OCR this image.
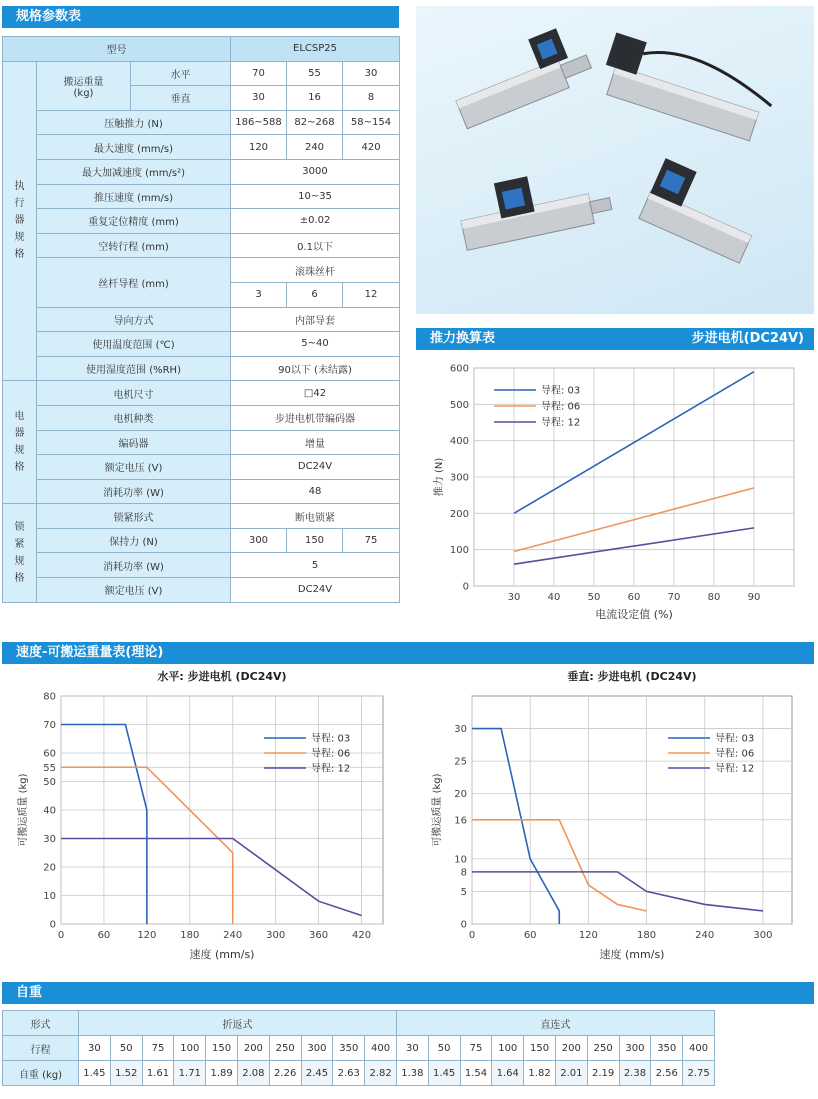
规格参数表
推力换算表	步进电机(DC24V)
速度-可搬运重量表(理论)
自重
型号			ELCSP25		

执行器规格	搬运重量(kg)	水平	70	55	30
		垂直	30	16	8
	压触推力 (N)		186~588	82~268	58~154
	最大速度 (mm/s)		120	240	420
	最大加减速度 (mm/s²)		3000		
	推压速度 (mm/s)		10~35		
	重复定位精度 (mm)		±0.02		
	空转行程 (mm)		0.1以下		
	丝杆导程 (mm)		滚珠丝杆		
			3	6	12
	导向方式		内部导套		
	使用温度范围 (℃)		5~40		
	使用湿度范围 (%RH)		90以下 (未结露)		

电器规格	电机尺寸		□42		
	电机种类		步进电机带编码器		
	编码器		增量		
	额定电压 (V)		DC24V		
	消耗功率 (W)		48		

锁紧规格	锁紧形式		断电锁紧		
	保持力 (N)		300	150	75
	消耗功率 (W)		5		
	额定电压 (V)		DC24V		
30	40	50	60	70	80	90
0
100
200
300
400
500
600
导程: 03
导程: 06
导程: 12
电流设定值 (%)
推力 (N)
0	60	120 180 240 300 360 420
0
10
20
30
40
50
55
60
70
80
导程: 03
导程: 06
导程: 12
水平: 步进电机 (DC24V)
速度 (mm/s)
可搬运质量 (kg)
0	60	120	180	240	300
0
5
8
10
16
20
25
30
导程: 03
导程: 06
导程: 12
垂直: 步进电机 (DC24V)
速度 (mm/s)
可搬运质量 (kg)
形式	折返式										直连式									
行程	30	50	75	100	150	200	250	300	350	400	30	50	75	100	150	200	250	300	350	400
自重 (kg)	1.45	1.52	1.61	1.71	1.89	2.08	2.26	2.45	2.63	2.82	1.38	1.45	1.54	1.64	1.82	2.01	2.19	2.38	2.56	2.75
